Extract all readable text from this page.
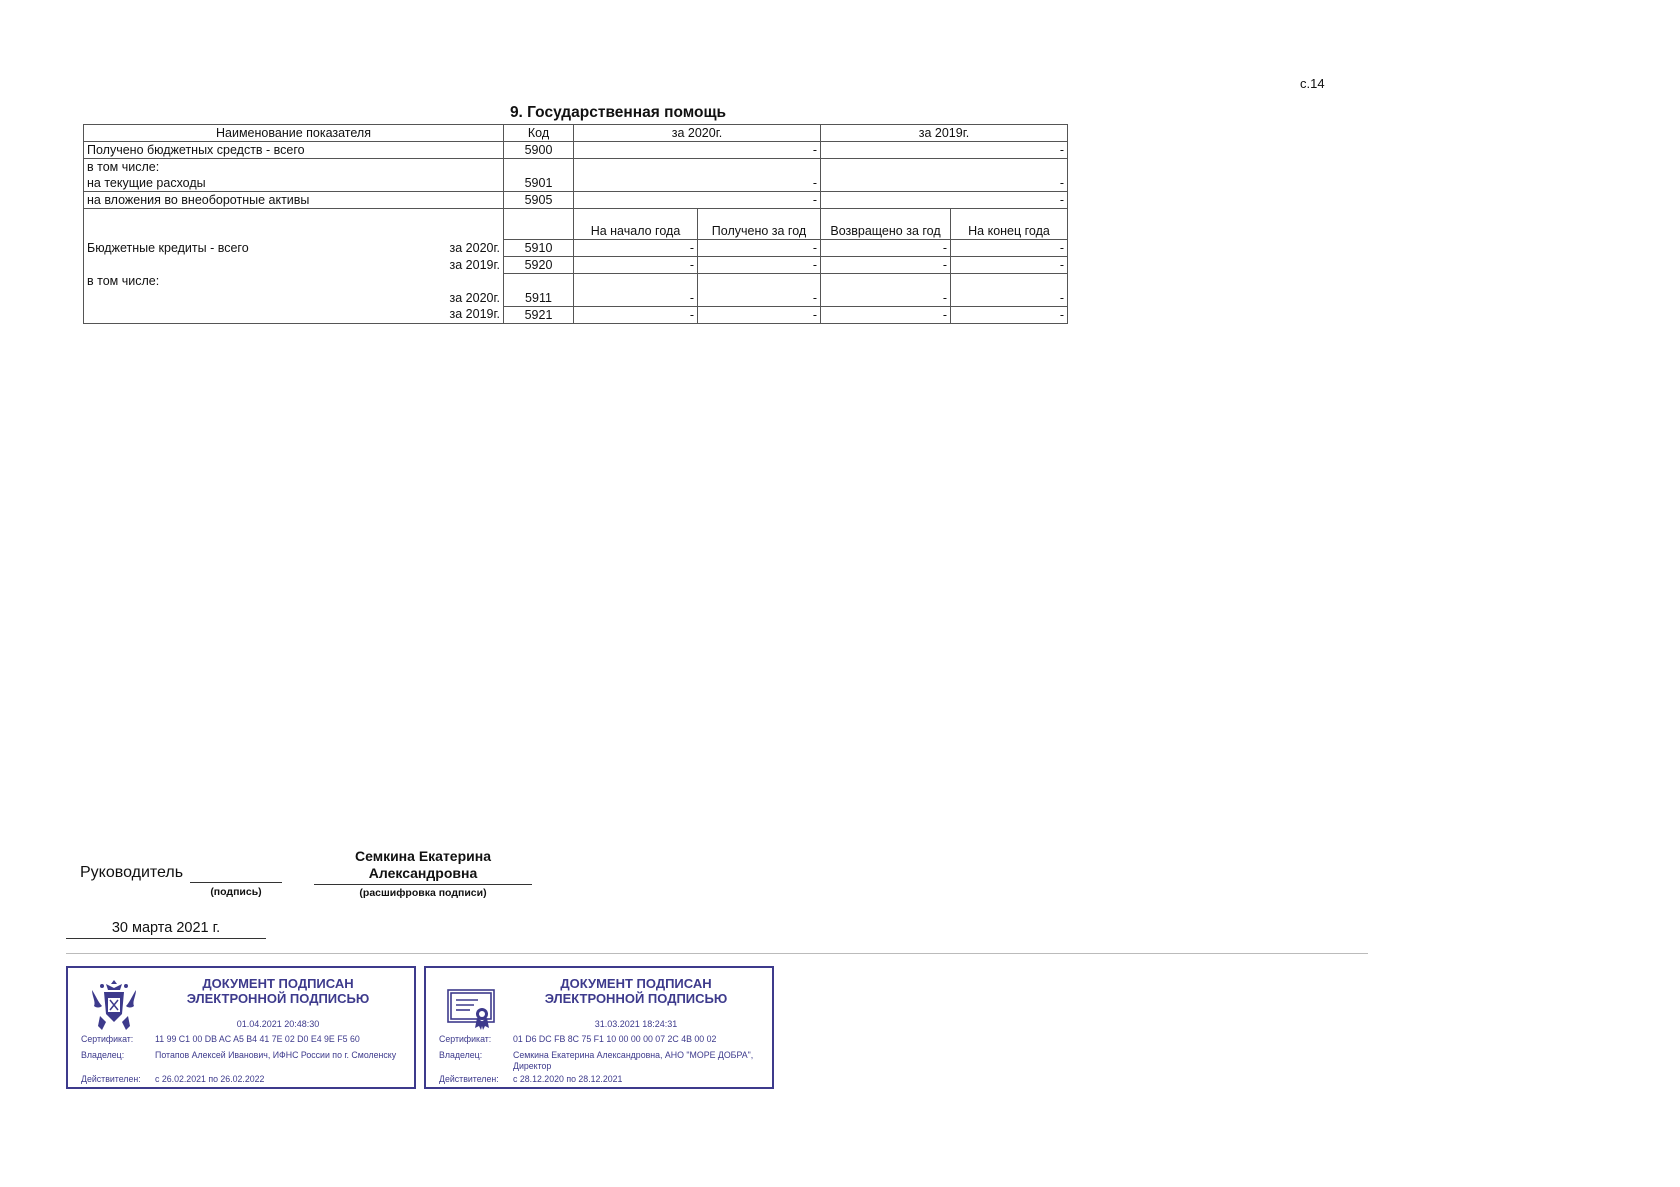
с.14
9. Государственная помощь
Наименование показателя		Код	за 2020г.		за 2019г.	
Получено бюджетных средств - всего		5900	-		-	
в том числе:						
на текущие расходы		5901	-		-	
на вложения во внеоборотные активы		5905	-		-	
			На начало года	Получено за год	Возвращено за год	На конец года
Бюджетные кредиты - всего	за 2020г.	5910	-	-	-	-
	за 2019г.	5920	-	-	-	-
в том числе:						
	за 2020г.	5911	-	-	-	-
	за 2019г.	5921	-	-	-	-
Руководитель
(подпись)
Семкина Екатерина Александровна
(расшифровка подписи)
30 марта 2021 г.
ДОКУМЕНТ ПОДПИСАН
ЭЛЕКТРОННОЙ ПОДПИСЬЮ
01.04.2021 20:48:30
Сертификат:	11 99 C1 00 DB AC A5 B4 41 7E 02 D0 E4 9E F5 60
Владелец:	Потапов Алексей Иванович, ИФНС России по г. Смоленску
Действителен:	с 26.02.2021 по 26.02.2022
ДОКУМЕНТ ПОДПИСАН
ЭЛЕКТРОННОЙ ПОДПИСЬЮ
31.03.2021 18:24:31
Сертификат:	01 D6 DC FB 8C 75 F1 10 00 00 00 07 2C 4B 00 02
Владелец:	Семкина Екатерина Александровна, АНО "МОРЕ ДОБРА", Директор
Действителен:	с 28.12.2020 по 28.12.2021
